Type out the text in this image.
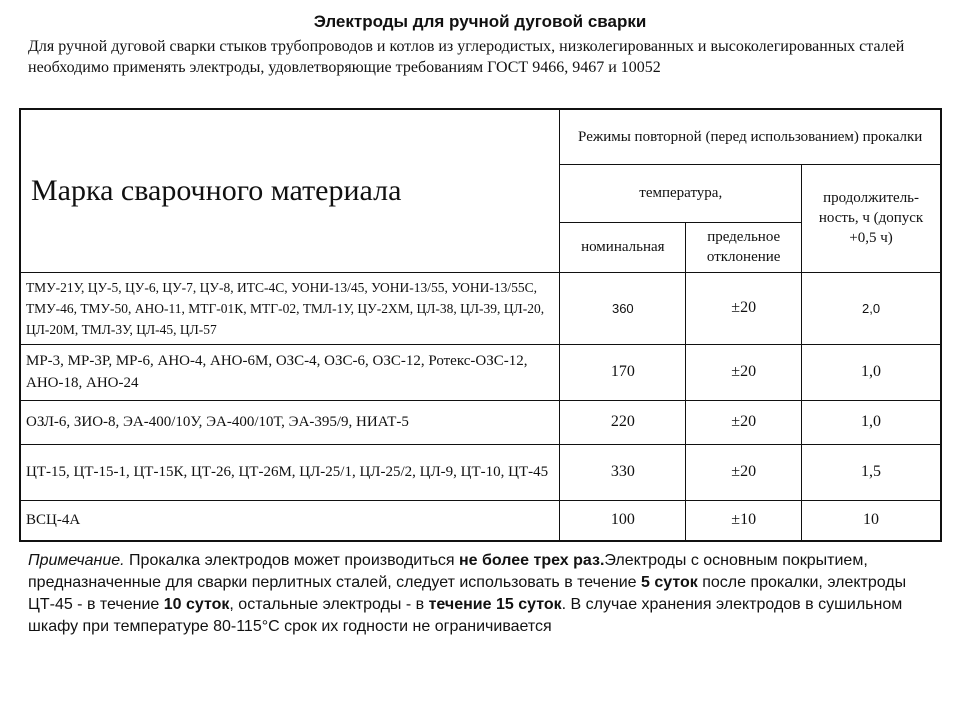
Электроды для ручной дуговой сварки
Для ручной дуговой сварки стыков трубопроводов и котлов из углеродистых, низколегированных и высоколегированных сталей необходимо применять электроды, удовлетворяющие требованиям ГОСТ 9466, 9467 и 10052
Марка сварочного материала	Режимы повторной (перед использованием) прокалки		
	температура,		продолжитель-ность, ч (допуск +0,5 ч)
	номинальная	предельное отклонение	
ТМУ-21У, ЦУ-5, ЦУ-6, ЦУ-7, ЦУ-8, ИТС-4С, УОНИ-13/45, УОНИ-13/55, УОНИ-13/55С, ТМУ-46, ТМУ-50, АНО-11, МТГ-01К, МТГ-02, ТМЛ-1У, ЦУ-2ХМ, ЦЛ-38, ЦЛ-39, ЦЛ-20, ЦЛ-20М, ТМЛ-3У, ЦЛ-45, ЦЛ-57	360	±20	2,0
МР-3, МР-3Р, МР-6, АНО-4, АНО-6М, ОЗС-4, ОЗС-6, ОЗС-12, Ротекс-ОЗС-12, АНО-18, АНО-24	170	±20	1,0
ОЗЛ-6, ЗИО-8, ЭА-400/10У, ЭА-400/10Т, ЭА-395/9, НИАТ-5	220	±20	1,0
ЦТ-15, ЦТ-15-1, ЦТ-15К, ЦТ-26, ЦТ-26М, ЦЛ-25/1, ЦЛ-25/2, ЦЛ-9, ЦТ-10, ЦТ-45	330	±20	1,5
ВСЦ-4А	100	±10	10
Примечание. Прокалка электродов может производиться не более трех раз.Электроды с основным покрытием, предназначенные для сварки перлитных сталей, следует использовать в течение 5 суток после прокалки, электроды ЦТ-45 - в течение 10 суток, остальные электроды - в течение 15 суток. В случае хранения электродов в сушильном шкафу при температуре 80-115°С срок их годности не ограничивается
